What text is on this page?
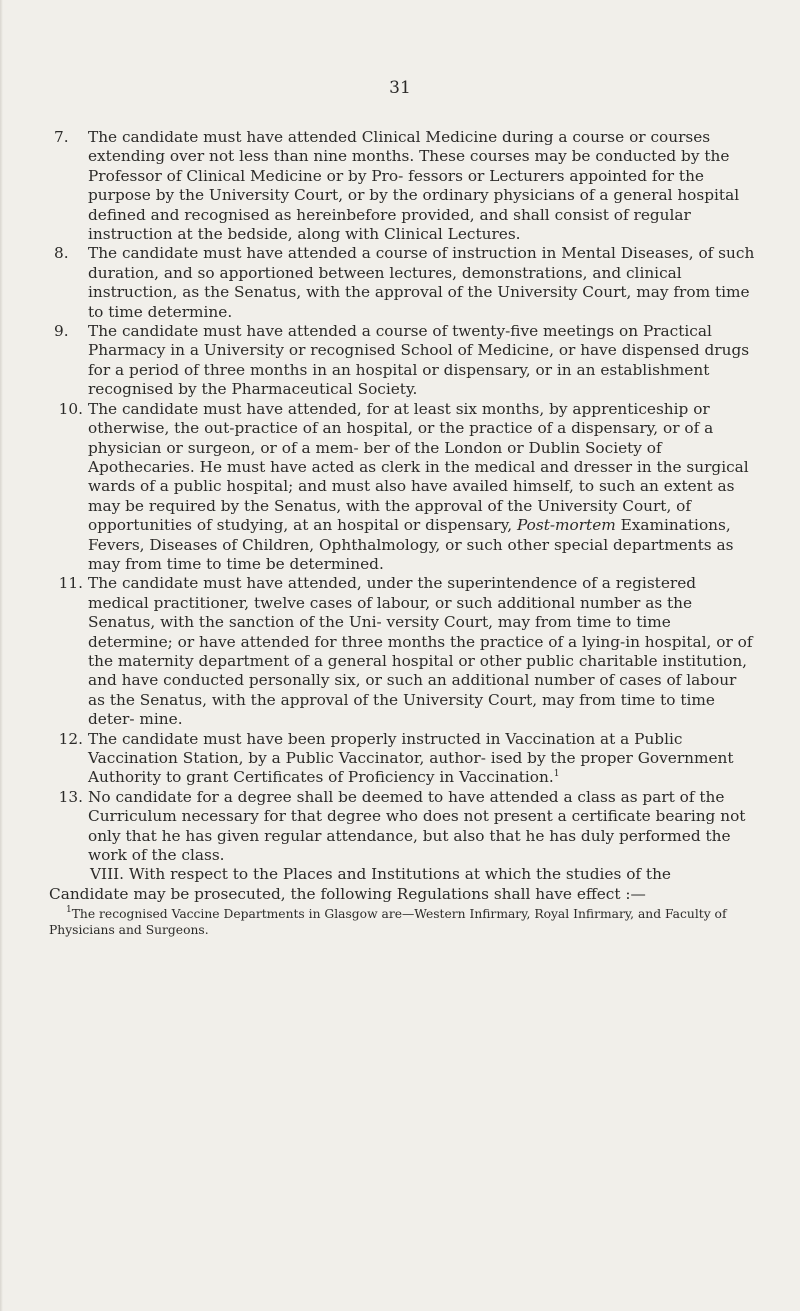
31

7.	The candidate must have attended Clinical Medicine during a course or courses extending over not less than nine months. These courses may be conducted by the Professor of Clinical Medicine or by Pro- fessors or Lecturers appointed for the purpose by the University Court, or by the ordinary physicians of a general hospital defined and recognised as hereinbefore provided, and shall consist of regular instruction at the bedside, along with Clinical Lectures.

8.	The candidate must have attended a course of instruction in Mental Diseases, of such duration, and so apportioned between lectures, demonstrations, and clinical instruction, as the Senatus, with the approval of the University Court, may from time to time determine.

9.	The candidate must have attended a course of twenty-five meetings on Practical Pharmacy in a University or recognised School of Medicine, or have dispensed drugs for a period of three months in an hospital or dispensary, or in an establishment recognised by the Pharmaceutical Society.

10. The candidate must have attended, for at least six months, by apprenticeship or otherwise, the out-practice of an hospital, or the practice of a dispensary, or of a physician or surgeon, or of a mem- ber of the London or Dublin Society of Apothecaries. He must have acted as clerk in the medical and dresser in the surgical wards of a public hospital; and must also have availed himself, to such an extent as may be required by the Senatus, with the approval of the University Court, of opportunities of studying, at an hospital or dispensary, Post-mortem Examinations, Fevers, Diseases of Children, Ophthalmology, or such other special departments as may from time to time be determined.

11. The candidate must have attended, under the superintendence of a registered medical practitioner, twelve cases of labour, or such additional number as the Senatus, with the sanction of the Uni- versity Court, may from time to time determine; or have attended for three months the practice of a lying-in hospital, or of the maternity department of a general hospital or other public charitable institution, and have conducted personally six, or such an additional number of cases of labour as the Senatus, with the approval of the University Court, may from time to time deter- mine.

12. The candidate must have been properly instructed in Vaccination at a Public Vaccination Station, by a Public Vaccinator, author- ised by the proper Government Authority to grant Certificates of Proficiency in Vaccination.$^1$

13. No candidate for a degree shall be deemed to have attended a class as part of the Curriculum necessary for that degree who does not present a certificate bearing not only that he has given regular attendance, but also that he has duly performed the work of the class.

VIII. With respect to the Places and Institutions at which the studies of the Candidate may be prosecuted, the following Regulations shall have effect :—

$^1$The recognised Vaccine Departments in Glasgow are—Western Infirmary, Royal Infirmary, and Faculty of Physicians and Surgeons.
